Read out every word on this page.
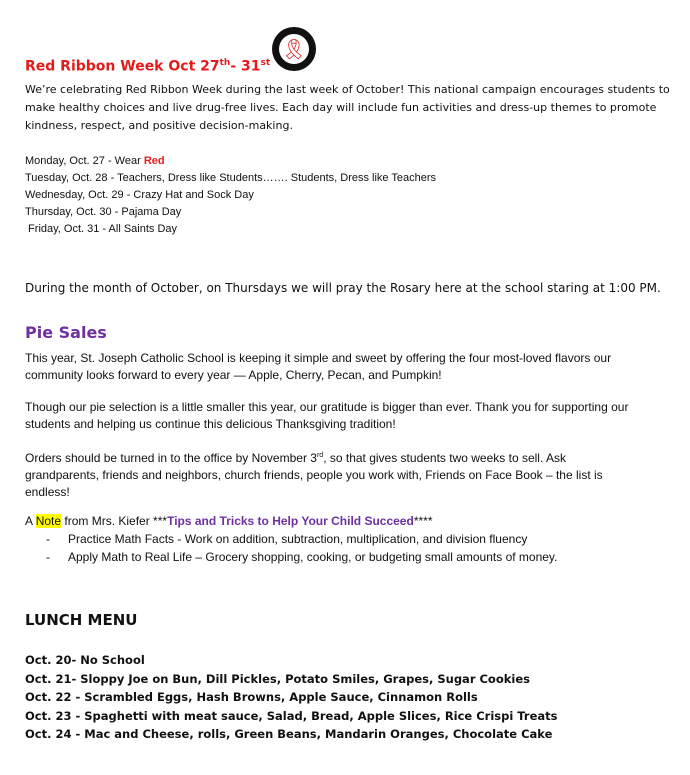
🎗
Red Ribbon Week Oct 27th- 31st
We’re celebrating Red Ribbon Week during the last week of October! This national campaign encourages students to
make healthy choices and live drug-free lives. Each day will include fun activities and dress-up themes to promote
kindness, respect, and positive decision-making.
Monday, Oct. 27 - Wear Red
Tuesday, Oct. 28 - Teachers, Dress like Students……. Students, Dress like Teachers
Wednesday, Oct. 29 - Crazy Hat and Sock Day
Thursday, Oct. 30 - Pajama Day
Friday, Oct. 31 - All Saints Day
During the month of October, on Thursdays we will pray the Rosary here at the school staring at 1:00 PM.
Pie Sales
This year, St. Joseph Catholic School is keeping it simple and sweet by offering the four most-loved flavors our
community looks forward to every year — Apple, Cherry, Pecan, and Pumpkin!
Though our pie selection is a little smaller this year, our gratitude is bigger than ever. Thank you for supporting our
students and helping us continue this delicious Thanksgiving tradition!
Orders should be turned in to the office by November 3rd, so that gives students two weeks to sell. Ask
grandparents, friends and neighbors, church friends, people you work with, Friends on Face Book – the list is
endless!
A Note from Mrs. Kiefer ***Tips and Tricks to Help Your Child Succeed****
- Practice Math Facts - Work on addition, subtraction, multiplication, and division fluency
- Apply Math to Real Life – Grocery shopping, cooking, or budgeting small amounts of money.
LUNCH MENU
Oct. 20- No School
Oct. 21- Sloppy Joe on Bun, Dill Pickles, Potato Smiles, Grapes, Sugar Cookies
Oct. 22 - Scrambled Eggs, Hash Browns, Apple Sauce, Cinnamon Rolls
Oct. 23 - Spaghetti with meat sauce, Salad, Bread, Apple Slices, Rice Crispi Treats
Oct. 24 - Mac and Cheese, rolls, Green Beans, Mandarin Oranges, Chocolate Cake
